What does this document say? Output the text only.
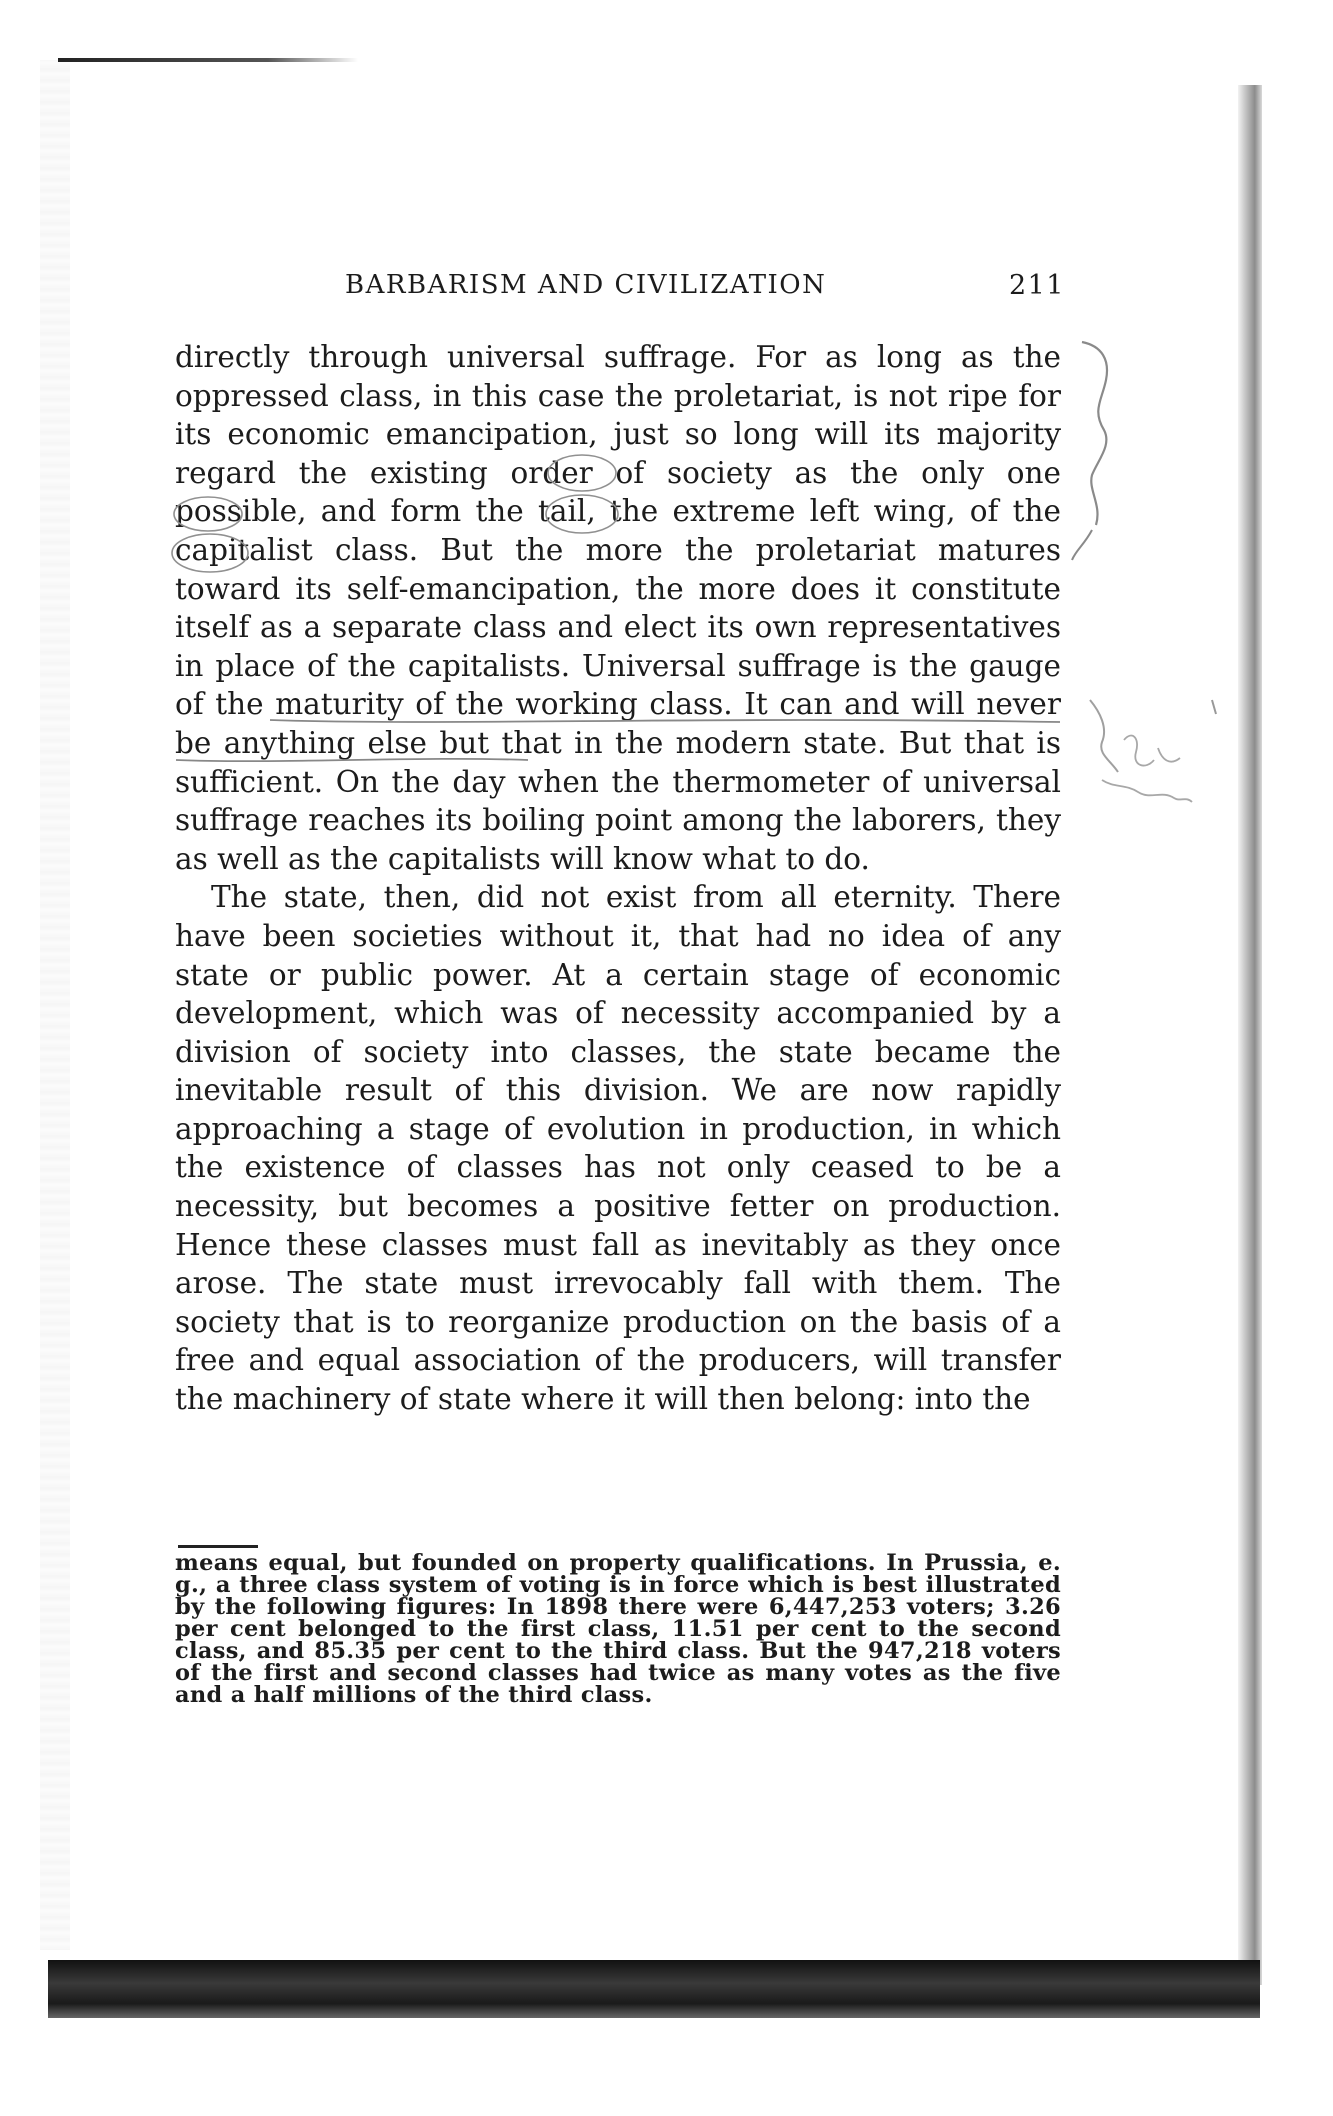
BARBARISM AND CIVILIZATION	211

directly through universal suffrage. For as long as the oppressed class, in this case the proletariat, is not ripe for its economic emancipation, just so long will its majority regard the existing order of society as the only one possible, and form the tail, the extreme left wing, of the capitalist class. But the more the proletariat matures toward its self-emancipation, the more does it constitute itself as a separate class and elect its own representatives in place of the capitalists. Universal suffrage is the gauge of the maturity of the working class. It can and will never be anything else but that in the modern state. But that is sufficient. On the day when the thermometer of universal suffrage reaches its boiling point among the laborers, they as well as the capitalists will know what to do.

The state, then, did not exist from all eternity. There have been societies without it, that had no idea of any state or public power. At a certain stage of economic development, which was of necessity accompanied by a division of society into classes, the state became the inevitable result of this division. We are now rapidly approaching a stage of evolution in production, in which the existence of classes has not only ceased to be a necessity, but becomes a positive fetter on production. Hence these classes must fall as inevitably as they once arose. The state must irrevocably fall with them. The society that is to reorganize production on the basis of a free and equal association of the producers, will transfer the machinery of state where it will then belong: into the

means equal, but founded on property qualifications. In Prussia, e. g., a three class system of voting is in force which is best illustrated by the following figures: In 1898 there were 6,447,253 voters; 3.26 per cent belonged to the first class, 11.51 per cent to the second class, and 85.35 per cent to the third class. But the 947,218 voters of the first and second classes had twice as many votes as the five and a half millions of the third class.
